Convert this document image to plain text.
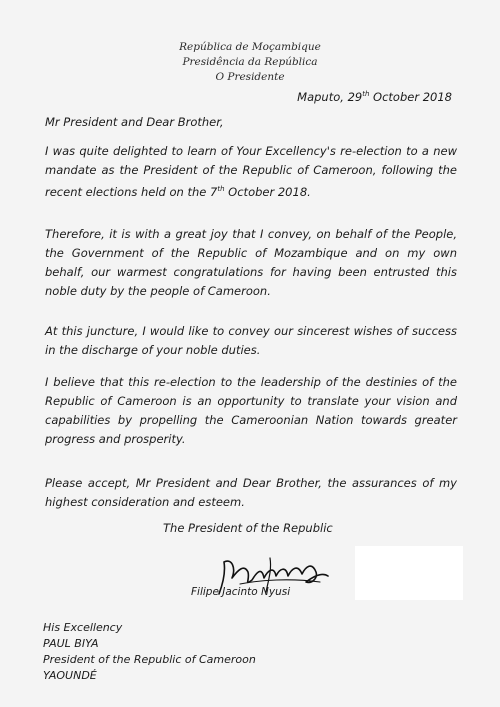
República de Moçambique
Presidência da República
O Presidente
Maputo, 29th October 2018
Mr President and Dear Brother,

I was quite delighted to learn of Your Excellency's re-election to a new mandate as the President of the Republic of Cameroon, following the recent elections held on the 7th October 2018.

Therefore, it is with a great joy that I convey, on behalf of the People, the Government of the Republic of Mozambique and on my own behalf, our warmest congratulations for having been entrusted this noble duty by the people of Cameroon.

At this juncture, I would like to convey our sincerest wishes of success in the discharge of your noble duties.

I believe that this re-election to the leadership of the destinies of the Republic of Cameroon is an opportunity to translate your vision and capabilities by propelling the Cameroonian Nation towards greater progress and prosperity.

Please accept, Mr President and Dear Brother, the assurances of my highest consideration and esteem.

The President of the Republic
Filipe Jacinto Nyusi
His Excellency
PAUL BIYA
President of the Republic of Cameroon
YAOUNDÉ
